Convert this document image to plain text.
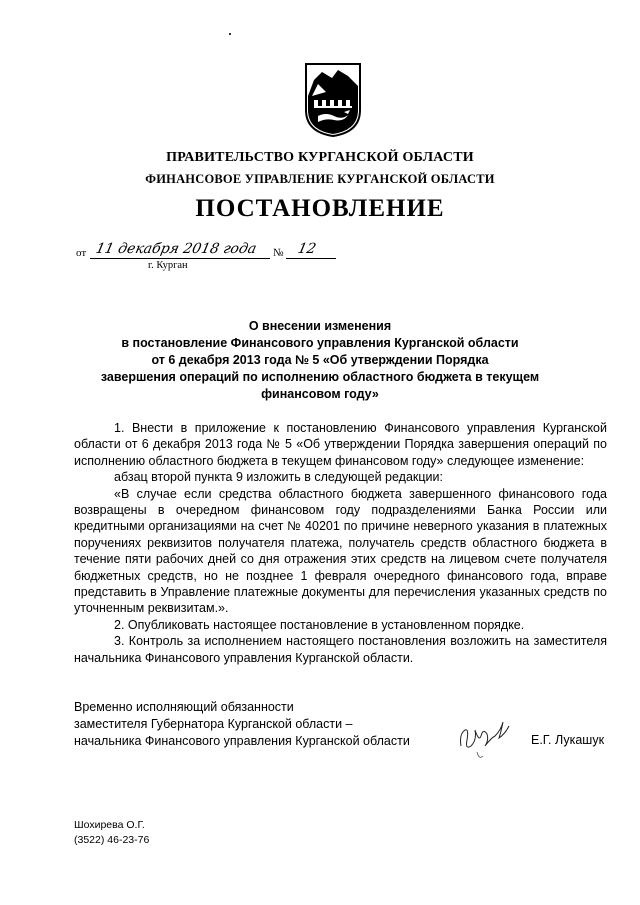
ПРАВИТЕЛЬСТВО КУРГАНСКОЙ ОБЛАСТИ
ФИНАНСОВОЕ УПРАВЛЕНИЕ КУРГАНСКОЙ ОБЛАСТИ
ПОСТАНОВЛЕНИЕ
от 11 декабря 2018 года № 12
г. Курган
О внесении изменения
в постановление Финансового управления Курганской области
от 6 декабря 2013 года № 5 «Об утверждении Порядка
завершения операций по исполнению областного бюджета в текущем
финансовом году»

1. Внести в приложение к постановлению Финансового управления Курганской области от 6 декабря 2013 года № 5 «Об утверждении Порядка завершения операций по исполнению областного бюджета в текущем финансовом году» следующее изменение:

абзац второй пункта 9 изложить в следующей редакции:

«В случае если средства областного бюджета завершенного финансового года возвращены в очередном финансовом году подразделениями Банка России или кредитными организациями на счет № 40201 по причине неверного указания в платежных поручениях реквизитов получателя платежа, получатель средств областного бюджета в течение пяти рабочих дней со дня отражения этих средств на лицевом счете получателя бюджетных средств, но не позднее 1 февраля очередного финансового года, вправе представить в Управление платежные документы для перечисления указанных средств по уточненным реквизитам.».

2. Опубликовать настоящее постановление в установленном порядке.

3. Контроль за исполнением настоящего постановления возложить на заместителя начальника Финансового управления Курганской области.

Временно исполняющий обязанности
заместителя Губернатора Курганской области –
начальника Финансового управления Курганской области	Е.Г. Лукашук
Шохирева О.Г.
(3522) 46-23-76
